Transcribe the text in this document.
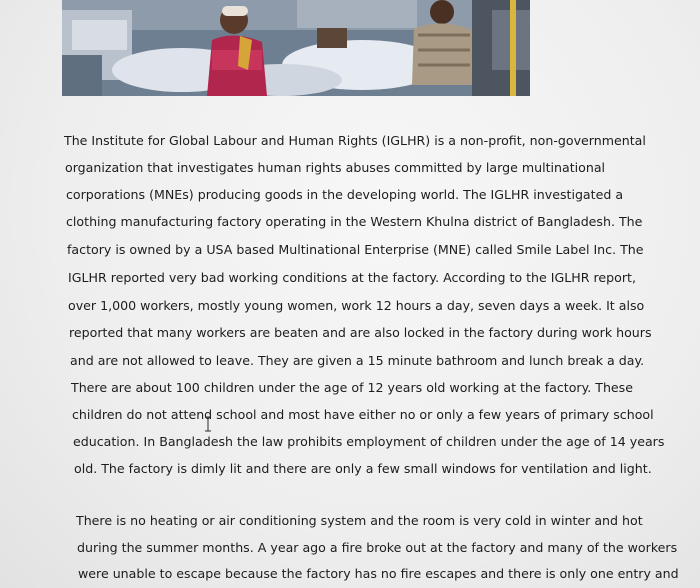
The Institute for Global Labour and Human Rights (IGLHR) is a non-profit, non-governmental
organization that investigates human rights abuses committed by large multinational
corporations (MNEs) producing goods in the developing world. The IGLHR investigated a
clothing manufacturing factory operating in the Western Khulna district of Bangladesh. The
factory is owned by a USA based Multinational Enterprise (MNE) called Smile Label Inc. The
IGLHR reported very bad working conditions at the factory. According to the IGLHR report,
over 1,000 workers, mostly young women, work 12 hours a day, seven days a week. It also
reported that many workers are beaten and are also locked in the factory during work hours
and are not allowed to leave. They are given a 15 minute bathroom and lunch break a day.
There are about 100 children under the age of 12 years old working at the factory. These
children do not attend school and most have either no or only a few years of primary school
education. In Bangladesh the law prohibits employment of children under the age of 14 years
old. The factory is dimly lit and there are only a few small windows for ventilation and light.
There is no heating or air conditioning system and the room is very cold in winter and hot
during the summer months. A year ago a fire broke out at the factory and many of the workers
were unable to escape because the factory has no fire escapes and there is only one entry and
